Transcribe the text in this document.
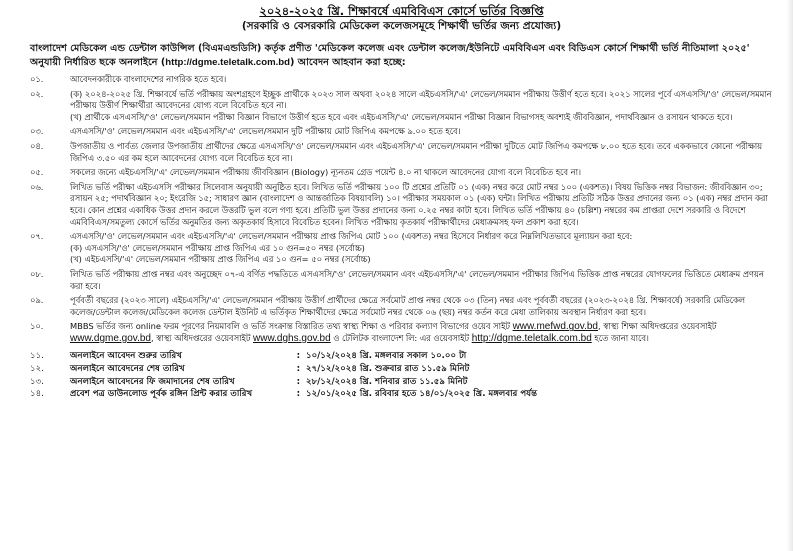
২০২৪-২০২৫ খ্রি. শিক্ষাবর্ষে এমবিবিএস কোর্সে ভর্তির বিজ্ঞপ্তি
(সরকারি ও বেসরকারি মেডিকেল কলেজসমূহে শিক্ষার্থী ভর্তির জন্য প্রযোজ্য)
বাংলাদেশ মেডিকেল এন্ড ডেন্টাল কাউন্সিল (বিএমএন্ডডিসি) কর্তৃক প্রণীত 'মেডিকেল কলেজ এবং ডেন্টাল কলেজ/ইউনিটে এমবিবিএস এবং বিডিএস কোর্সে শিক্ষার্থী ভর্তি নীতিমালা ২০২৫' অনুযায়ী নির্ধারিত ছকে অনলাইনে (http://dgme.teletalk.com.bd) আবেদন আহবান করা হচ্ছে:
০১.	আবেদনকারীকে বাংলাদেশের নাগরিক হতে হবে।
০২.	(ক) ২০২৪-২০২৫ খ্রি. শিক্ষাবর্ষে ভর্তি পরীক্ষায় অংশগ্রহণে ইচ্ছুক প্রার্থীকে ২০২৩ সাল অথবা ২০২৪ সালে এইচএসসি/'এ' লেভেল/সমমান পরীক্ষায় উত্তীর্ণ হতে হবে। ২০২১ সালের পূর্বে এসএসসি/'ও' লেভেল/সমমান পরীক্ষায় উত্তীর্ণ শিক্ষার্থীরা আবেদনের যোগ্য বলে বিবেচিত হবে না।
(খ) প্রার্থীকে এসএসসি/'ও' লেভেল/সমমান পরীক্ষা বিজ্ঞান বিভাগে উত্তীর্ণ হতে হবে এবং এইচএসসি/'এ' লেভেল/সমমান পরীক্ষা বিজ্ঞান বিভাগসহ অবশ্যই জীববিজ্ঞান, পদার্থবিজ্ঞান ও রসায়ন থাকতে হবে।
০৩.	এসএসসি/'ও' লেভেল/সমমান এবং এইচএসসি/'এ' লেভেল/সমমান দুটি পরীক্ষায় মোট জিপিএ কমপক্ষে ৯.০০ হতে হবে।
০৪.	উপজাতীয় ও পার্বত্য জেলার উপজাতীয় প্রার্থীদের ক্ষেত্রে এসএসসি/'ও' লেভেল/সমমান এবং এইচএসসি/'এ' লেভেল/সমমান পরীক্ষা দুটিতে মোট জিপিএ কমপক্ষে ৮.০০ হতে হবে। তবে এককভাবে কোনো পরীক্ষায় জিপিএ ৩.৫০ এর কম হলে আবেদনের যোগ্য বলে বিবেচিত হবে না।
০৫.	সকলের জন্যে এইচএসসি/'এ' লেভেল/সমমান পরীক্ষায় জীববিজ্ঞান (Biology) ন্যূনতম গ্রেড পয়েন্ট ৪.০ না থাকলে আবেদনের যোগ্য বলে বিবেচিত হবে না।
০৬.	লিখিত ভর্তি পরীক্ষা এইচএসসি পরীক্ষার সিলেবাস অনুযায়ী অনুষ্ঠিত হবে। লিখিত ভর্তি পরীক্ষায় ১০০ টি প্রশ্নের প্রতিটি ০১ (এক) নম্বর করে মোট নম্বর ১০০ (একশত)। বিষয় ভিত্তিক নম্বর বিভাজন: জীববিজ্ঞান ৩০; রসায়ন ২৫; পদার্থবিজ্ঞান ২০; ইংরেজি ১৫; সাধারণ জ্ঞান (বাংলাদেশ ও আন্তর্জাতিক বিষয়াবলি) ১০। পরীক্ষার সময়কাল ০১ (এক) ঘন্টা। লিখিত পরীক্ষায় প্রতিটি সঠিক উত্তর প্রদানের জন্য ০১ (এক) নম্বর প্রদান করা হবে। কোন প্রশ্নের একাধিক উত্তর প্রদান করলে উত্তরটি ভুল বলে গণ্য হবে। প্রতিটি ভুল উত্তর প্রদানের জন্য ০.২৫ নম্বর কাটা হবে। লিখিত ভর্তি পরীক্ষায় ৪০ (চল্লিশ) নম্বরের কম প্রাপ্তরা দেশে সরকারি ও বিদেশে এমবিবিএস/সমতুল্য কোর্সে ভর্তির অনুমতির জন্য অকৃতকার্য হিসাবে বিবেচিত হবেন। লিখিত পরীক্ষায় কৃতকার্য পরীক্ষার্থীদের মেধাক্রমসহ ফল প্রকাশ করা হবে।
০৭.	এসএসসি/'ও' লেভেল/সমমান এবং এইচএসসি/'এ' লেভেল/সমমান পরীক্ষায় প্রাপ্ত জিপিএ মোট ১০০ (একশত) নম্বর হিসেবে নির্ধারণ করে নিম্নলিখিতভাবে মূল্যায়ন করা হবে:
(ক) এসএসসি/'ও' লেভেল/সমমান পরীক্ষায় প্রাপ্ত জিপিএ এর ১০ গুন=৫০ নম্বর (সর্বোচ্চ)
(খ) এইচএসসি/'এ' লেভেল/সমমান পরীক্ষায় প্রাপ্ত জিপিএ এর ১০ গুন= ৫০ নম্বর (সর্বোচ্চ)
০৮.	লিখিত ভর্তি পরীক্ষায় প্রাপ্ত নম্বর এবং অনুচ্ছেদ ০৭-এ বর্ণিত পদ্ধতিতে এসএসসি/'ও' লেভেল/সমমান এবং এইচএসসি/'এ' লেভেল/সমমান পরীক্ষার জিপিএ ভিত্তিক প্রাপ্ত নম্বরের যোগফলের ভিত্তিতে মেধাক্রম প্রণয়ন করা হবে।
০৯.	পূর্ববর্তী বছরের (২০২৩ সালে) এইচএসসি/'এ' লেভেল/সমমান পরীক্ষায় উত্তীর্ণ প্রার্থীদের ক্ষেত্রে সর্বমোট প্রাপ্ত নম্বর থেকে ০৩ (তিন) নম্বর এবং পূর্ববর্তী বছরের (২০২৩-২০২৪ খ্রি. শিক্ষাবর্ষে) সরকারি মেডিকেল কলেজ/ডেন্টাল কলেজ/মেডিকেল কলেজ ডেন্টাল ইউনিট এ ভর্তিকৃত শিক্ষার্থীদের ক্ষেত্রে সর্বমোট নম্বর থেকে ০৬ (ছয়) নম্বর কর্তন করে মেধা তালিকায় অবস্থান নির্ধারণ করা হবে।
১০.	MBBS ভর্তির জন্য online ফরম পূরণের নিয়মাবলি ও ভর্তি সংক্রান্ত বিস্তারিত তথ্য স্বাস্থ্য শিক্ষা ও পরিবার কল্যাণ বিভাগের ওয়েব সাইট www.mefwd.gov.bd, স্বাস্থ্য শিক্ষা অধিদপ্তরের ওয়েবসাইট www.dgme.gov.bd, স্বাস্থ্য অধিদপ্তরের ওয়েবসাইট www.dghs.gov.bd ও টেলিটক বাংলাদেশ লি: এর ওয়েবসাইট http://dgme.teletalk.com.bd হতে জানা যাবে।
১১.	অনলাইনে আবেদন শুরুর তারিখ	: ১০/১২/২০২৪ খ্রি. মঙ্গলবার সকাল ১০.০০ টা
১২.	অনলাইনে আবেদনের শেষ তারিখ	: ২৭/১২/২০২৪ খ্রি. শুক্রবার রাত ১১.৫৯ মিনিট
১৩.	অনলাইনে আবেদনের ফি জমাদানের শেষ তারিখ	: ২৮/১২/২০২৪ খ্রি. শনিবার রাত ১১.৫৯ মিনিট
১৪.	প্রবেশ পত্র ডাউনলোড পূর্বক রঙ্গিন প্রিন্ট করার তারিখ	: ১২/০১/২০২৫ খ্রি. রবিবার হতে ১৪/০১/২০২৫ খ্রি. মঙ্গলবার পর্যন্ত
